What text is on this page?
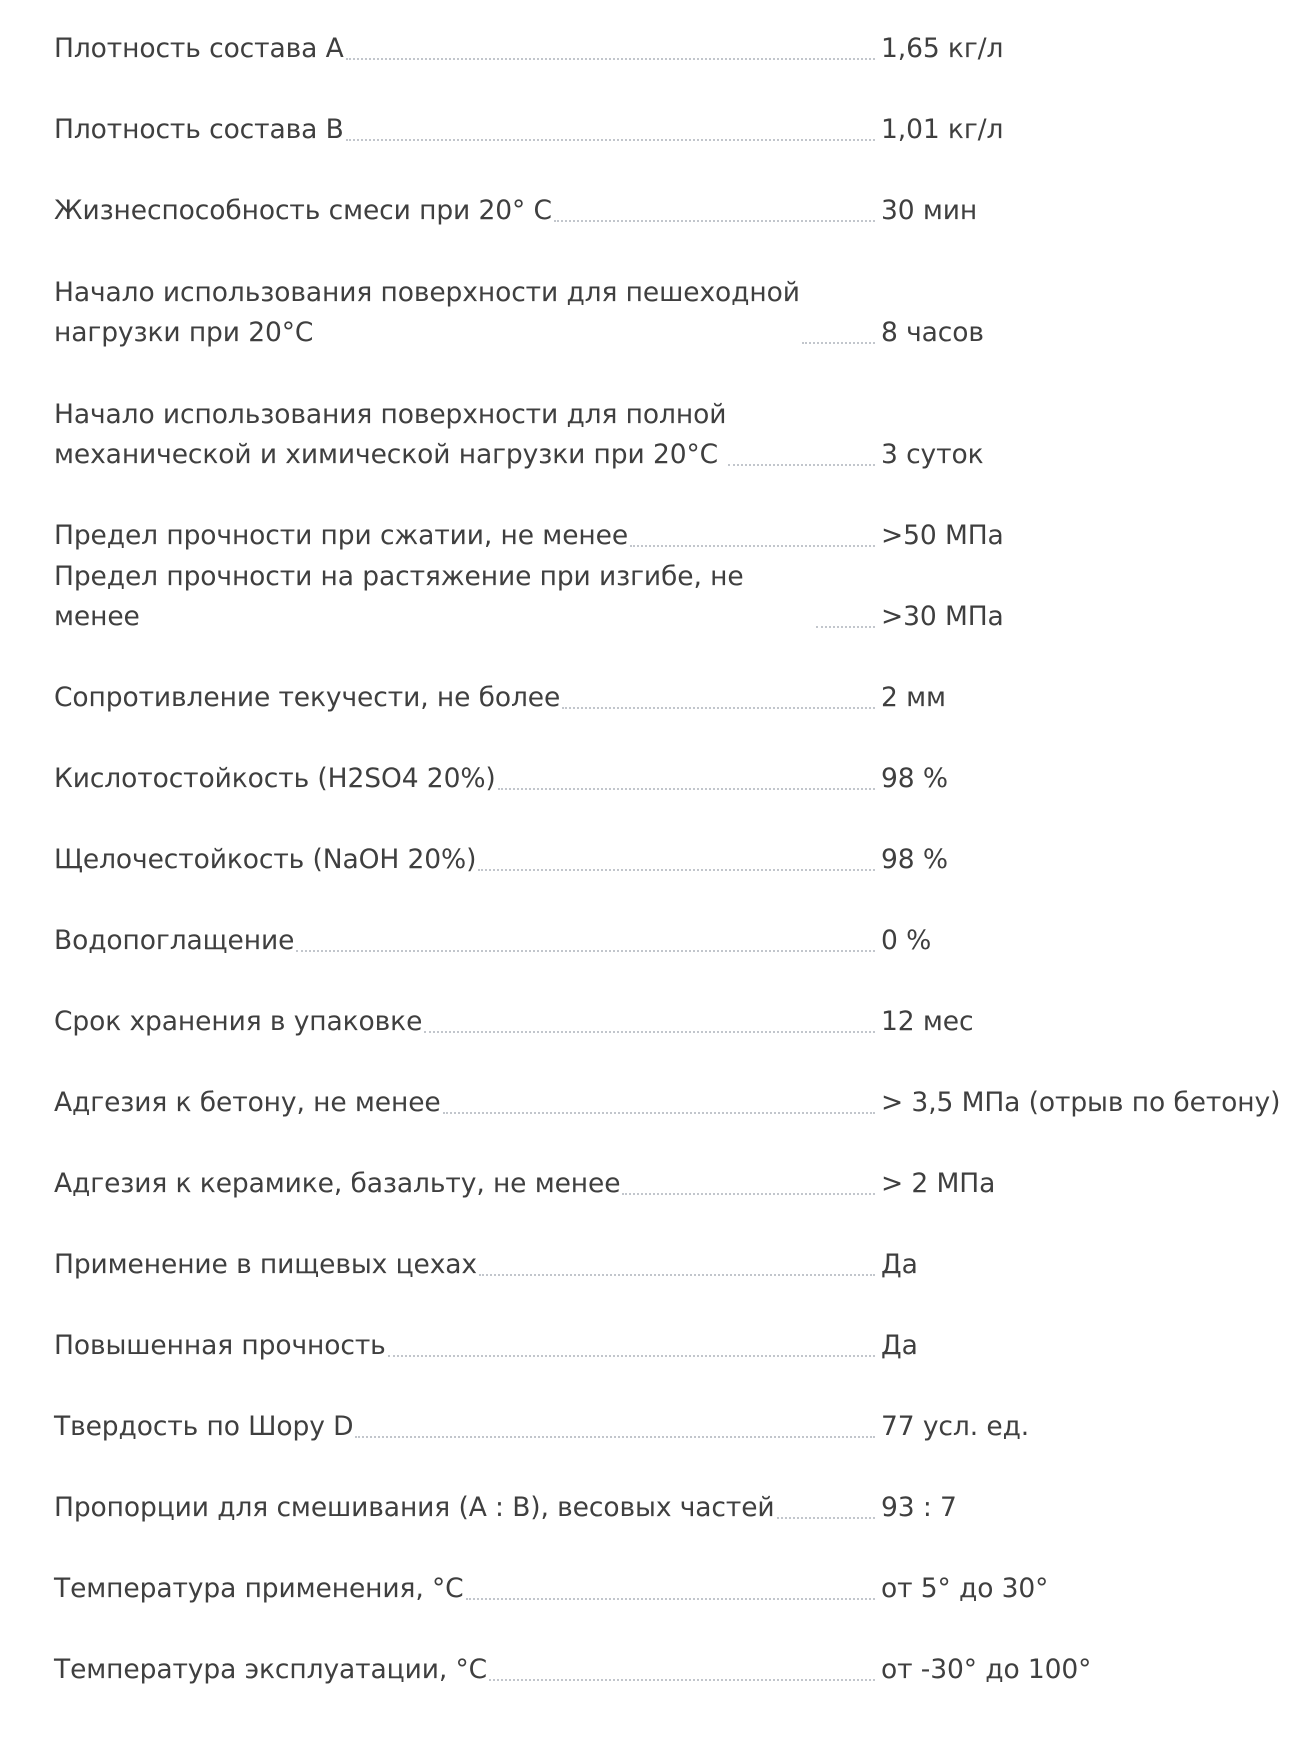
Плотность состава А	1,65 кг/л
Плотность состава В	1,01 кг/л
Жизнеспособность смеси при 20° С	30 мин
Начало использования поверхности для пешеходной
нагрузки при 20°С	8 часов
Начало использования поверхности для полной
механической и химической нагрузки при 20°С	3 суток
Предел прочности при сжатии, не менее	>50 МПа
Предел прочности на растяжение при изгибе, не менее	>30 МПа
Сопротивление текучести, не более	2 мм
Кислотостойкость (H2SO4 20%)	98 %
Щелочестойкость (NaOH 20%)	98 %
Водопоглащение	0 %
Срок хранения в упаковке	12 мес
Адгезия к бетону, не менее	> 3,5 МПа (отрыв по бетону)
Адгезия к керамике, базальту, не менее	> 2 МПа
Применение в пищевых цехах	Да
Повышенная прочность	Да
Твердость по Шору D	77 усл. ед.
Пропорции для смешивания (А : В), весовых частей	93 : 7
Температура применения, °С	от 5° до 30°
Температура эксплуатации, °С	от -30° до 100°
